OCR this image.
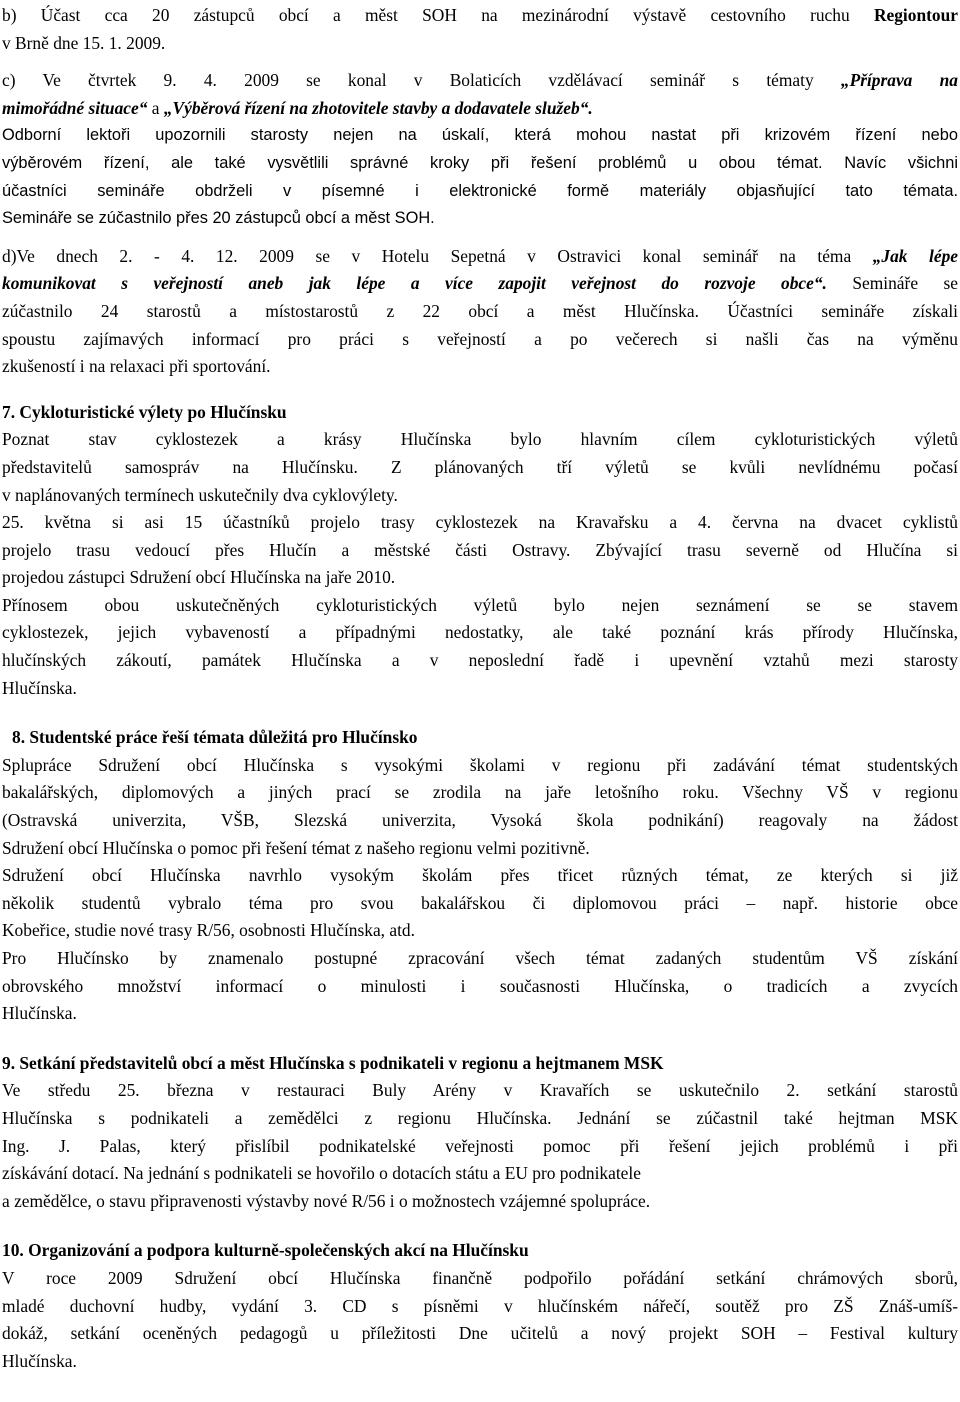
b) Účast cca 20 zástupců obcí a měst SOH na mezinárodní výstavě cestovního ruchu Regiontour
v Brně dne 15. 1. 2009.
c) Ve čtvrtek 9. 4. 2009 se konal v Bolaticích vzdělávací seminář s tématy „Příprava na
mimořádné situace“ a „Výběrová řízení na zhotovitele stavby a dodavatele služeb“.
Odborní lektoři upozornili starosty nejen na úskalí, která mohou nastat při krizovém řízení nebo
výběrovém řízení, ale také vysvětlili správné kroky při řešení problémů u obou témat. Navíc všichni
účastníci semináře obdrželi v písemné i elektronické formě materiály objasňující tato témata.
Semináře se zúčastnilo přes 20 zástupců obcí a měst SOH.
d)Ve dnech 2. - 4. 12. 2009 se v Hotelu Sepetná v Ostravici konal seminář na téma „Jak lépe
komunikovat s veřejností aneb jak lépe a více zapojit veřejnost do rozvoje obce“. Semináře se
zúčastnilo 24 starostů a místostarostů z 22 obcí a měst Hlučínska. Účastníci semináře získali
spoustu zajímavých informací pro práci s veřejností a po večerech si našli čas na výměnu
zkušeností i na relaxaci při sportování.
7. Cykloturistické výlety po Hlučínsku
Poznat stav cyklostezek a krásy Hlučínska bylo hlavním cílem cykloturistických výletů
představitelů samospráv na Hlučínsku. Z plánovaných tří výletů se kvůli nevlídnému počasí
v naplánovaných termínech uskutečnily dva cyklovýlety.
25. května si asi 15 účastníků projelo trasy cyklostezek na Kravařsku a 4. června na dvacet cyklistů
projelo trasu vedoucí přes Hlučín a městské části Ostravy. Zbývající trasu severně od Hlučína si
projedou zástupci Sdružení obcí Hlučínska na jaře 2010.
Přínosem obou uskutečněných cykloturistických výletů bylo nejen seznámení se se stavem
cyklostezek, jejich vybaveností a případnými nedostatky, ale také poznání krás přírody Hlučínska,
hlučínských zákoutí, památek Hlučínska a v neposlední řadě i upevnění vztahů mezi starosty
Hlučínska.
8. Studentské práce řeší témata důležitá pro Hlučínsko
Spluprác​e Sdružení obcí Hlučínska s vysokými školami v regionu při zadávání témat studentských
bakalářských, diplomových a jiných prací se zrodila na jaře letošního roku. Všechny VŠ v regionu
(Ostravská univerzita, VŠB, Slezská univerzita, Vysoká škola podnikání) reagovaly na žádost
Sdružení obcí Hlučínska o pomoc při řešení témat z našeho regionu velmi pozitivně.
Sdružení obcí Hlučínska navrhlo vysokým školám přes třicet různých témat, ze kterých si již
několik studentů vybralo téma pro svou bakalářskou či diplomovou práci – např. historie obce
Kobeřice, studie nové trasy R/56, osobnosti Hlučínska, atd.
Pro Hlučínsko by znamenalo postupné zpracování všech témat zadaných studentům VŠ získání
obrovského množství informací o minulosti i současnosti Hlučínska, o tradicích a zvycích
Hlučínska.
9. Setkání představitelů obcí a měst Hlučínska s podnikateli v regionu a hejtmanem MSK
Ve středu 25. března v restauraci Buly Arény v Kravařích se uskutečnilo 2. setkání starostů
Hlučínska s podnikateli a zemědělci z regionu Hlučínska. Jednání se zúčastnil také hejtman MSK
Ing. J. Palas, který přislíbil podnikatelské veřejnosti pomoc při řešení jejich problémů i při
získávání dotací. Na jednání s podnikateli se hovořilo o dotacích státu a EU pro podnikatele
a zemědělce, o stavu připravenosti výstavby nové R/56 i o možnostech vzájemné spolupráce.
10. Organizování a podpora kulturně-společenských akcí na Hlučínsku
V roce 2009 Sdružení obcí Hlučínska finančně podpořilo pořádání setkání chrámových sborů,
mladé duchovní hudby, vydání 3. CD s písněmi v hlučínském nářečí, soutěž pro ZŠ Znáš-umíš-
dokáž, setkání oceněných pedagogů u příležitosti Dne učitelů a nový projekt SOH – Festival kultury
Hlučínska.
